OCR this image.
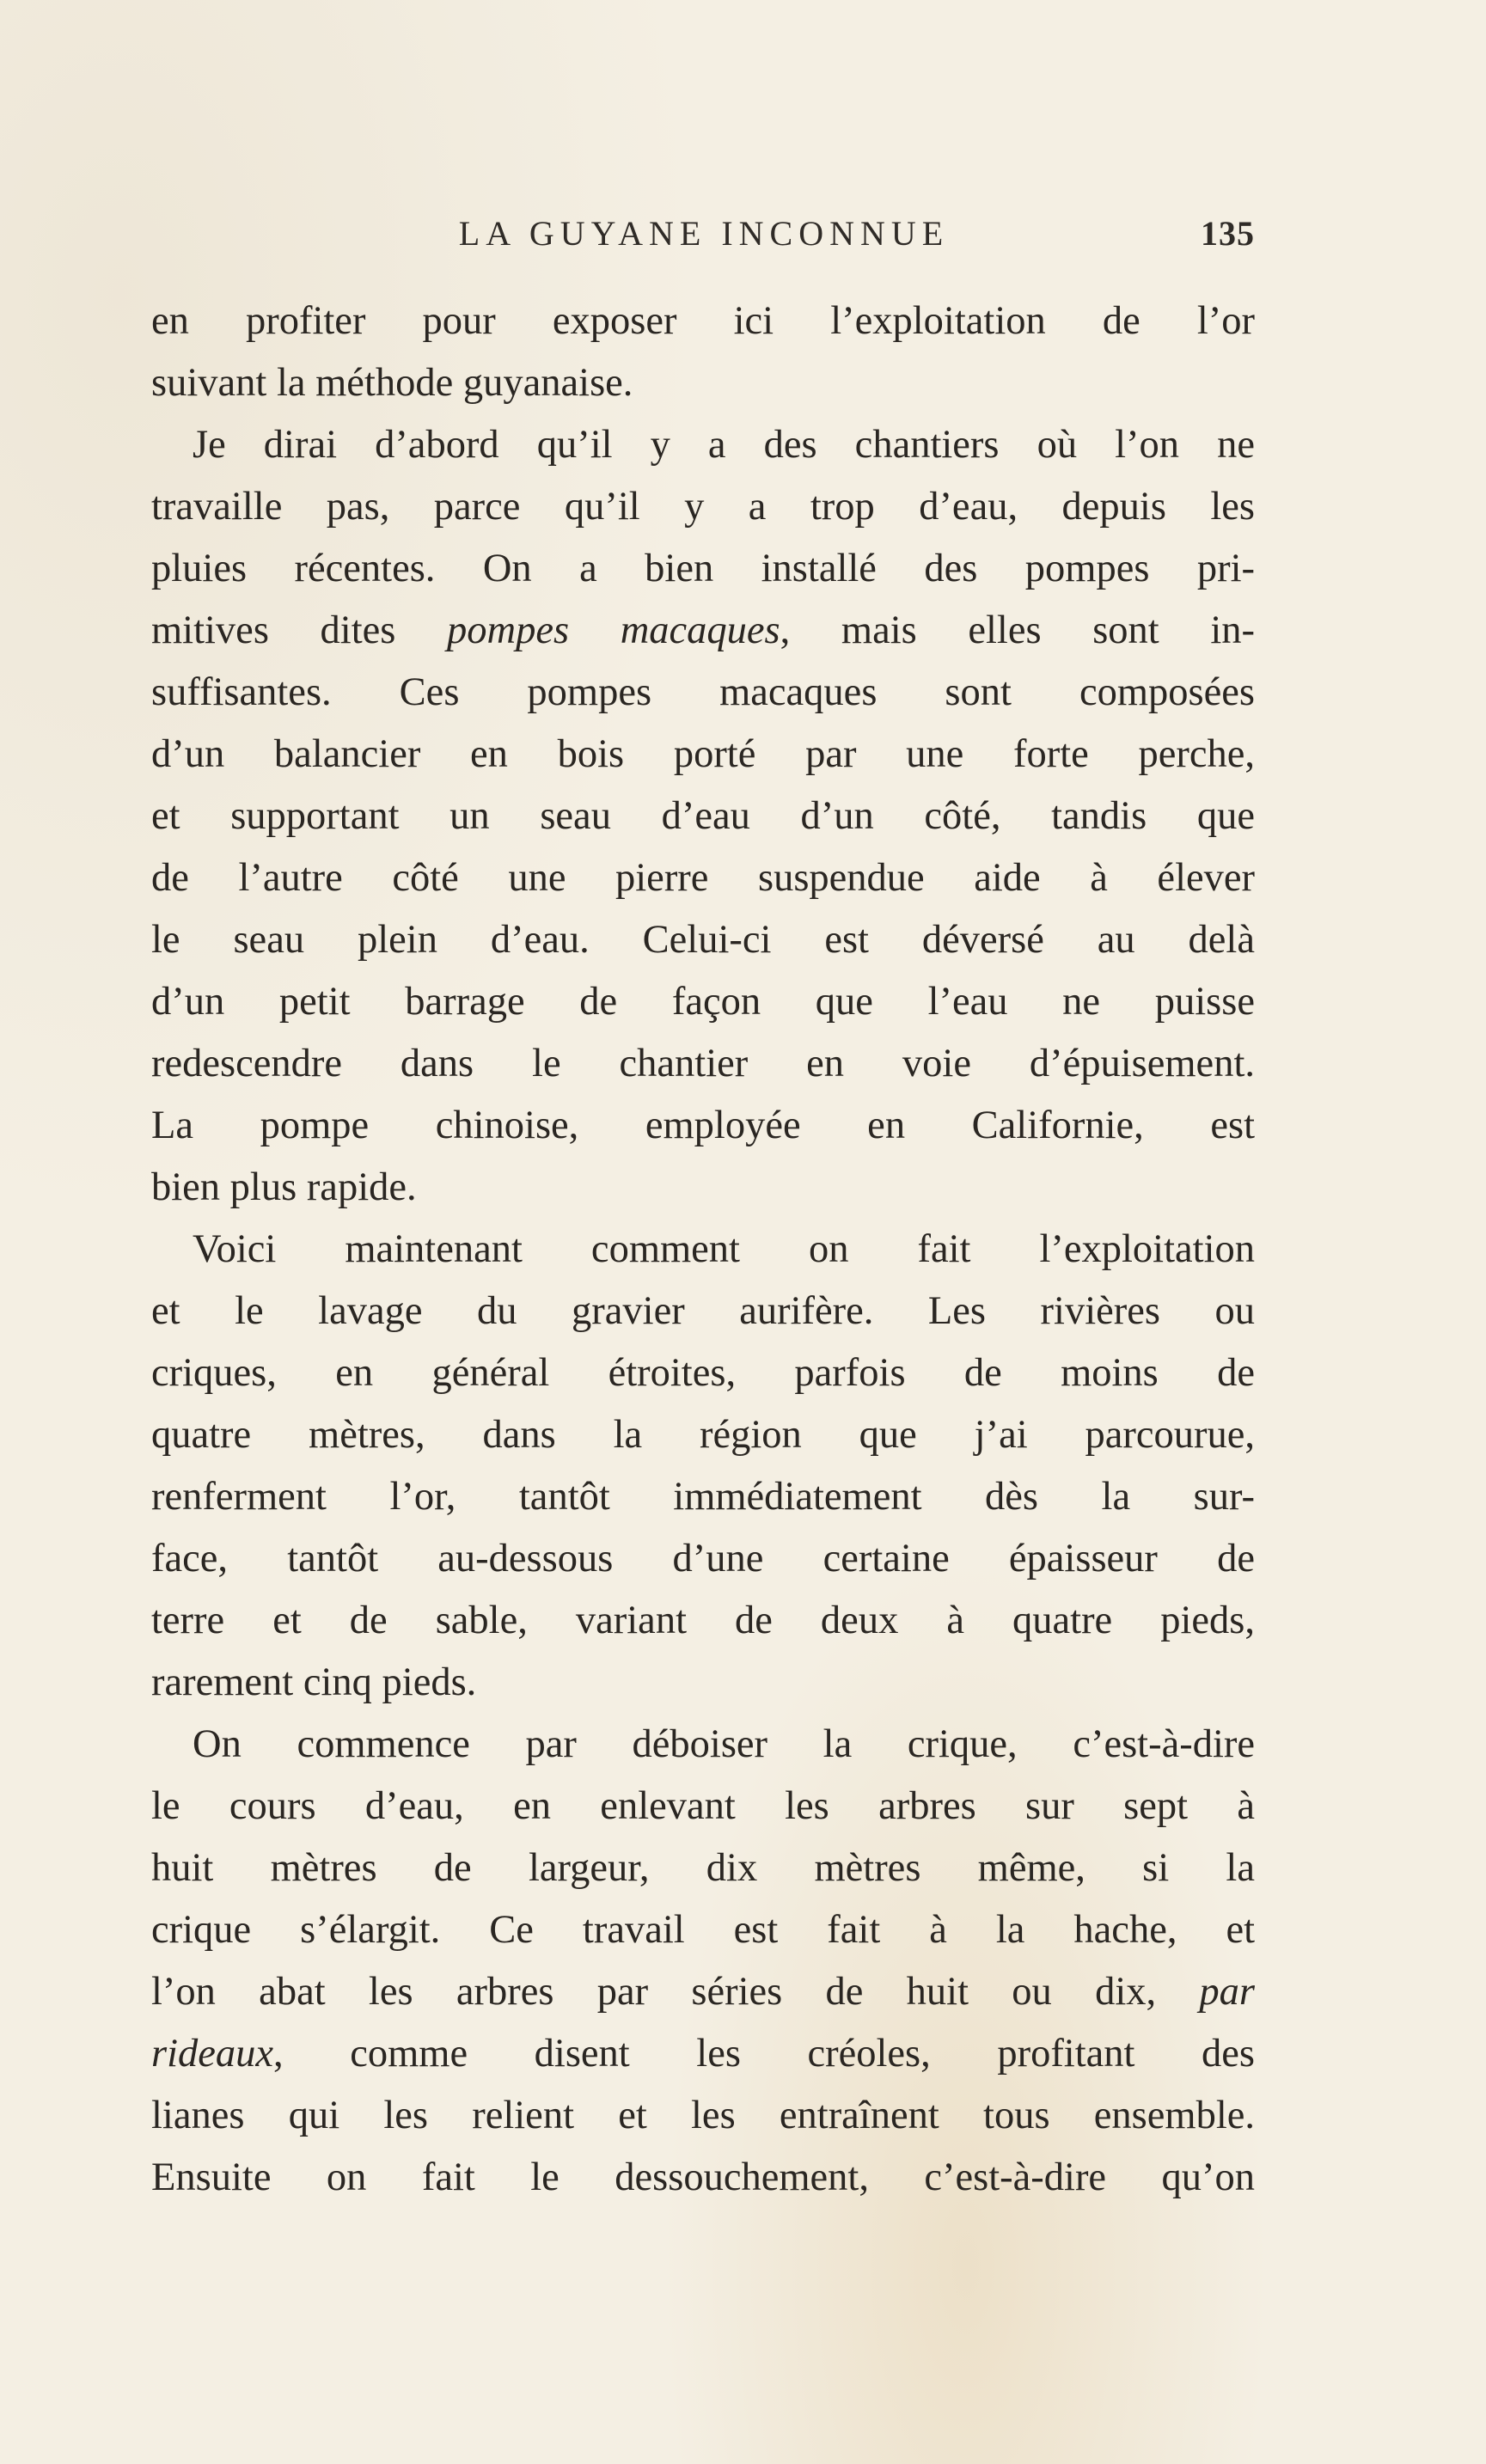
LA GUYANE INCONNUE	135
en profiter pour exposer ici l’exploitation de l’or
suivant la méthode guyanaise.
Je dirai d’abord qu’il y a des chantiers où l’on ne
travaille pas, parce qu’il y a trop d’eau, depuis les
pluies récentes. On a bien installé des pompes pri-
mitives dites pompes macaques, mais elles sont in-
suffisantes. Ces pompes macaques sont composées
d’un balancier en bois porté par une forte perche,
et supportant un seau d’eau d’un côté, tandis que
de l’autre côté une pierre suspendue aide à élever
le seau plein d’eau. Celui-ci est déversé au delà
d’un petit barrage de façon que l’eau ne puisse
redescendre dans le chantier en voie d’épuisement.
La pompe chinoise, employée en Californie, est
bien plus rapide.
Voici maintenant comment on fait l’exploitation
et le lavage du gravier aurifère. Les rivières ou
criques, en général étroites, parfois de moins de
quatre mètres, dans la région que j’ai parcourue,
renferment l’or, tantôt immédiatement dès la sur-
face, tantôt au-dessous d’une certaine épaisseur de
terre et de sable, variant de deux à quatre pieds,
rarement cinq pieds.
On commence par déboiser la crique, c’est-à-dire
le cours d’eau, en enlevant les arbres sur sept à
huit mètres de largeur, dix mètres même, si la
crique s’élargit. Ce travail est fait à la hache, et
l’on abat les arbres par séries de huit ou dix, par
rideaux, comme disent les créoles, profitant des
lianes qui les relient et les entraînent tous ensemble.
Ensuite on fait le dessouchement, c’est-à-dire qu’on
